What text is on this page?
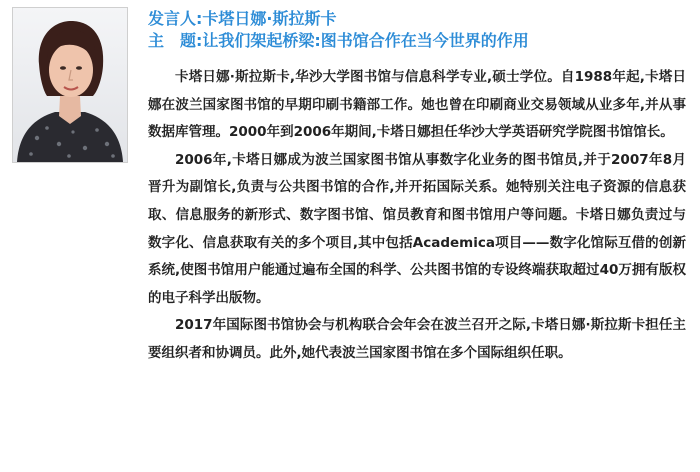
发言人:卡塔日娜·斯拉斯卡
主　题:让我们架起桥梁:图书馆合作在当今世界的作用

卡塔日娜·斯拉斯卡,华沙大学图书馆与信息科学专业,硕士学位。自1988年起,卡塔日娜在波兰国家图书馆的早期印刷书籍部工作。她也曾在印刷商业交易领域从业多年,并从事数据库管理。2000年到2006年期间,卡塔日娜担任华沙大学英语研究学院图书馆馆长。

2006年,卡塔日娜成为波兰国家图书馆从事数字化业务的图书馆员,并于2007年8月晋升为副馆长,负责与公共图书馆的合作,并开拓国际关系。她特别关注电子资源的信息获取、信息服务的新形式、数字图书馆、馆员教育和图书馆用户等问题。卡塔日娜负责过与数字化、信息获取有关的多个项目,其中包括Academica项目——数字化馆际互借的创新系统,使图书馆用户能通过遍布全国的科学、公共图书馆的专设终端获取超过40万拥有版权的电子科学出版物。

2017年国际图书馆协会与机构联合会年会在波兰召开之际,卡塔日娜·斯拉斯卡担任主要组织者和协调员。此外,她代表波兰国家图书馆在多个国际组织任职。
